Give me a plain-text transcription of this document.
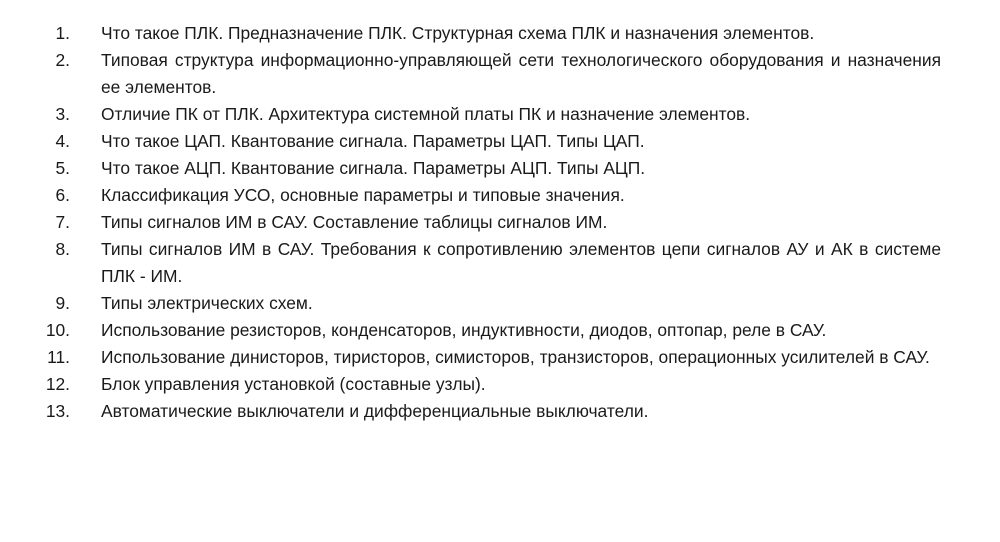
1. Что такое ПЛК. Предназначение ПЛК. Структурная схема ПЛК и назначения элементов.
2. Типовая структура информационно-управляющей сети технологического оборудования и назначения ее элементов.
3. Отличие ПК от ПЛК. Архитектура системной платы ПК и назначение элементов.
4. Что такое ЦАП. Квантование сигнала. Параметры ЦАП. Типы ЦАП.
5. Что такое АЦП. Квантование сигнала. Параметры АЦП. Типы АЦП.
6. Классификация УСО, основные параметры и типовые значения.
7. Типы сигналов ИМ в САУ. Составление таблицы сигналов ИМ.
8. Типы сигналов ИМ в САУ. Требования к сопротивлению элементов цепи сигналов АУ и АК в системе ПЛК - ИМ.
9. Типы электрических схем.
10. Использование резисторов, конденсаторов, индуктивности, диодов, оптопар, реле в САУ.
11. Использование динисторов, тиристоров, симисторов, транзисторов, операционных усилителей в САУ.
12. Блок управления установкой (составные узлы).
13. Автоматические выключатели и дифференциальные выключатели.
